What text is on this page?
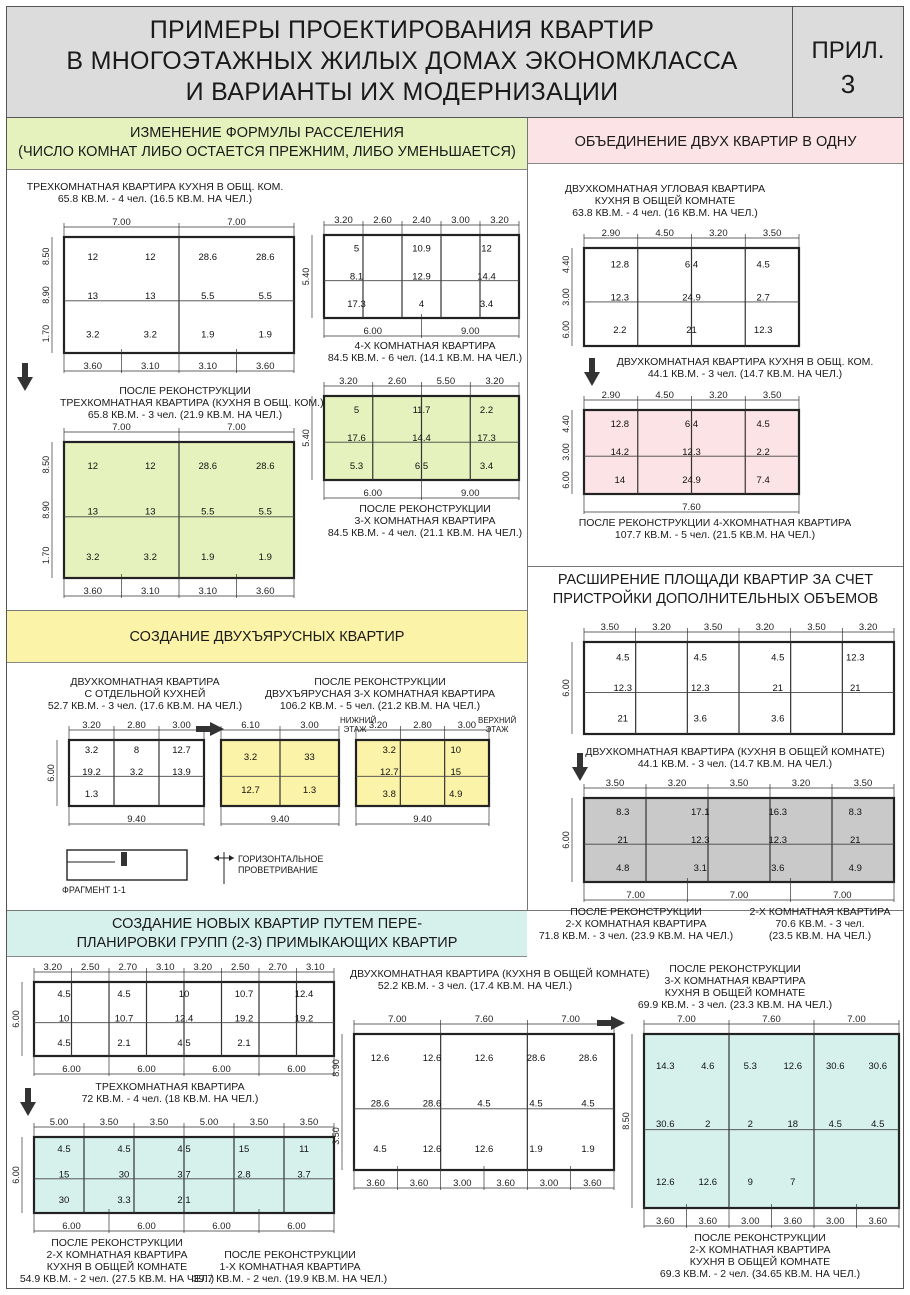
ПРИМЕРЫ ПРОЕКТИРОВАНИЯ КВАРТИР
В МНОГОЭТАЖНЫХ ЖИЛЫХ ДОМАХ ЭКОНОМКЛАССА
И ВАРИАНТЫ ИХ МОДЕРНИЗАЦИИ
ПРИЛ.
3
ИЗМЕНЕНИЕ ФОРМУЛЫ РАССЕЛЕНИЯ
(ЧИСЛО КОМНАТ ЛИБО ОСТАЕТСЯ ПРЕЖНИМ, ЛИБО УМЕНЬШАЕТСЯ)
ОБЪЕДИНЕНИЕ ДВУХ КВАРТИР В ОДНУ
СОЗДАНИЕ ДВУХЪЯРУСНЫХ КВАРТИР
РАСШИРЕНИЕ ПЛОЩАДИ КВАРТИР ЗА СЧЕТ
ПРИСТРОЙКИ ДОПОЛНИТЕЛЬНЫХ ОБЪЕМОВ
СОЗДАНИЕ НОВЫХ КВАРТИР ПУТЕМ ПЕРЕ-
ПЛАНИРОВКИ ГРУПП (2-3) ПРИМЫКАЮЩИХ КВАРТИР
ТРЕХКОМНАТНАЯ КВАРТИРА КУХНЯ В ОБЩ. КОМ.
65.8 КВ.М. - 4 чел. (16.5 КВ.М. НА ЧЕЛ.)
ПОСЛЕ РЕКОНСТРУКЦИИ
ТРЕХКОМНАТНАЯ КВАРТИРА (КУХНЯ В ОБЩ. КОМ.)
65.8 КВ.М. - 3 чел. (21.9 КВ.М. НА ЧЕЛ.)
4-Х КОМНАТНАЯ КВАРТИРА
84.5 КВ.М. - 6 чел. (14.1 КВ.М. НА ЧЕЛ.)
ПОСЛЕ РЕКОНСТРУКЦИИ
3-Х КОМНАТНАЯ КВАРТИРА
84.5 КВ.М. - 4 чел. (21.1 КВ.М. НА ЧЕЛ.)
ДВУХКОМНАТНАЯ УГЛОВАЯ КВАРТИРА
КУХНЯ В ОБЩЕЙ КОМНАТЕ
63.8 КВ.М. - 4 чел. (16 КВ.М. НА ЧЕЛ.)
ДВУХКОМНАТНАЯ КВАРТИРА КУХНЯ В ОБЩ. КОМ.
44.1 КВ.М. - 3 чел. (14.7 КВ.М. НА ЧЕЛ.)
ПОСЛЕ РЕКОНСТРУКЦИИ 4-ХКОМНАТНАЯ КВАРТИРА
107.7 КВ.М. - 5 чел. (21.5 КВ.М. НА ЧЕЛ.)
ДВУХКОМНАТНАЯ КВАРТИРА
С ОТДЕЛЬНОЙ КУХНЕЙ
52.7 КВ.М. - 3 чел. (17.6 КВ.М. НА ЧЕЛ.)
ПОСЛЕ РЕКОНСТРУКЦИИ
ДВУХЪЯРУСНАЯ 3-Х КОМНАТНАЯ КВАРТИРА
106.2 КВ.М. - 5 чел. (21.2 КВ.М. НА ЧЕЛ.)
НИЖНИЙ
ЭТАЖ
ВЕРХНИЙ
ЭТАЖ
ФРАГМЕНТ 1-1
ГОРИЗОНТАЛЬНОЕ
ПРОВЕТРИВАНИЕ
ДВУХКОМНАТНАЯ КВАРТИРА (КУХНЯ В ОБЩЕЙ КОМНАТЕ)
44.1 КВ.М. - 3 чел. (14.7 КВ.М. НА ЧЕЛ.)
ПОСЛЕ РЕКОНСТРУКЦИИ
2-Х КОМНАТНАЯ КВАРТИРА
71.8 КВ.М. - 3 чел. (23.9 КВ.М. НА ЧЕЛ.)
2-Х КОМНАТНАЯ КВАРТИРА
70.6 КВ.М. - 3 чел.
(23.5 КВ.М. НА ЧЕЛ.)
ТРЕХКОМНАТНАЯ КВАРТИРА
72 КВ.М. - 4 чел. (18 КВ.М. НА ЧЕЛ.)
ПОСЛЕ РЕКОНСТРУКЦИИ
2-Х КОМНАТНАЯ КВАРТИРА
КУХНЯ В ОБЩЕЙ КОМНАТЕ
54.9 КВ.М. - 2 чел. (27.5 КВ.М. НА ЧЕЛ.)
ПОСЛЕ РЕКОНСТРУКЦИИ
1-Х КОМНАТНАЯ КВАРТИРА
39.7 КВ.М. - 2 чел. (19.9 КВ.М. НА ЧЕЛ.)
ДВУХКОМНАТНАЯ КВАРТИРА (КУХНЯ В ОБЩЕЙ КОМНАТЕ)
52.2 КВ.М. - 3 чел. (17.4 КВ.М. НА ЧЕЛ.)
ПОСЛЕ РЕКОНСТРУКЦИИ
3-Х КОМНАТНАЯ КВАРТИРА
КУХНЯ В ОБЩЕЙ КОМНАТЕ
69.9 КВ.М. - 3 чел. (23.3 КВ.М. НА ЧЕЛ.)
ПОСЛЕ РЕКОНСТРУКЦИИ
2-Х КОМНАТНАЯ КВАРТИРА
КУХНЯ В ОБЩЕЙ КОМНАТЕ
69.3 КВ.М. - 2 чел. (34.65 КВ.М. НА ЧЕЛ.)
7.00	7.00
12	12	28.6	28.6
13	13	5.5	5.5
3.2	3.2	1.9	1.9
3.60	3.10	3.10	3.60
8.50
8.90
1.70
7.00	7.00
12	12	28.6	28.6
13	13	5.5	5.5
3.2	3.2	1.9	1.9
3.60	3.10	3.10	3.60
8.50
8.90
1.70
3.20 2.60 2.40 3.00 3.20
5	10.9	12
8.1	12.9	14.4
17.3	4	3.4
6.00	9.00
5.40
3.20	2.60	5.50	3.20
5	11.7	2.2
17.6	14.4	17.3
5.3	6.5	3.4
6.00	9.00
5.40
2.90	4.50	3.20	3.50
12.8	6.4	4.5
12.3	24.9	2.7
2.2	21	12.3
4.40
3.00
6.00
2.90	4.50	3.20	3.50
12.8	6.4	4.5
14.2	12.3	2.2
14	24.9	7.4
7.60
4.40
3.00
6.00
3.20	2.80	3.00
3.2	8	12.7
19.2	3.2	13.9
1.3
9.40
6.00
6.10	3.00
3.2	33
12.7	1.3
9.40
3.20	2.80	3.00
3.2	10
12.7	15
3.8	4.9
9.40
3.50	3.20	3.50	3.20	3.50	3.20
4.5	4.5	4.5	12.3
12.3	12.3	21	21
21	3.6	3.6
6.00
3.50	3.20	3.50	3.20	3.50
8.3	17.1	16.3	8.3
21	12.3	12.3	21
4.8	3.1	3.6	4.9
7.00	7.00	7.00
6.00
3.20 2.50 2.70 3.10 3.20 2.50 2.70 3.10
4.5	4.5	10	10.7	12.4
10	10.7	12.4	19.2	19.2
4.5	2.1	4.5	2.1
6.00	6.00	6.00	6.00
6.00
5.00	3.50	3.50	5.00	3.50	3.50
4.5	4.5	4.5	15	11
15	30	3.7	2.8	3.7
30	3.3	2.1
6.00	6.00	6.00	6.00
6.00
7.00	7.60	7.00
12.6	12.6	12.6	28.6	28.6
28.6	28.6	4.5	4.5	4.5
4.5	12.6	12.6	1.9	1.9
3.60	3.60	3.00	3.60	3.00	3.60
8.90
3.50
7.00	7.60	7.00
14.3	4.6	5.3	12.6	30.6	30.6
30.6	2	2	18	4.5	4.5
12.6	12.6	9	7
3.60	3.60	3.00	3.60	3.00	3.60
8.50
